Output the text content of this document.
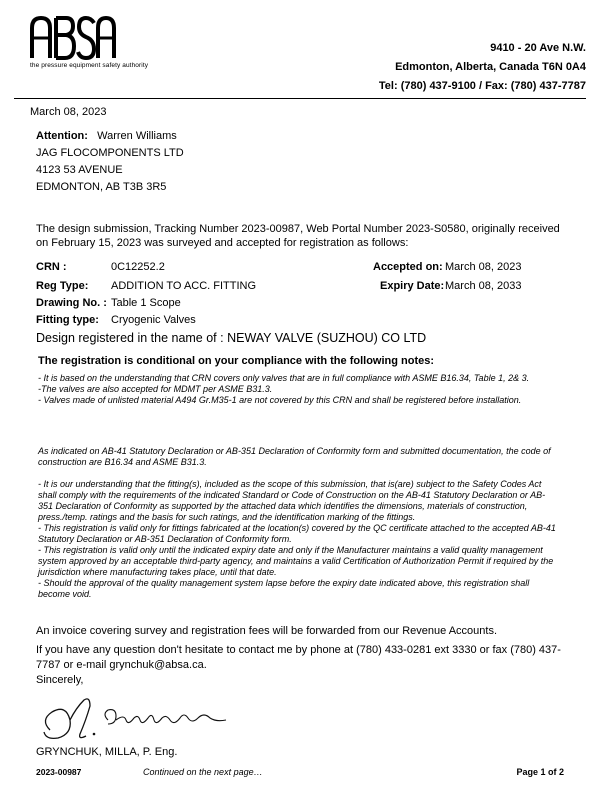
the pressure equipment safety authority
9410 - 20 Ave N.W.
Edmonton, Alberta, Canada T6N 0A4
Tel: (780) 437-9100 / Fax: (780) 437-7787
March 08, 2023
Attention: Warren Williams
JAG FLOCOMPONENTS LTD
4123 53 AVENUE
EDMONTON, AB T3B 3R5
The design submission, Tracking Number 2023-00987, Web Portal Number 2023-S0580, originally received on February 15, 2023 was surveyed and accepted for registration as follows:
CRN :	0C12252.2
Reg Type: ADDITION TO ACC. FITTING
Drawing No. : Table 1 Scope
Fitting type: Cryogenic Valves
Accepted on: March 08, 2023
Expiry Date: March 08, 2033
Design registered in the name of : NEWAY VALVE (SUZHOU) CO LTD
The registration is conditional on your compliance with the following notes:

- It is based on the understanding that CRN covers only valves that are in full compliance with ASME B16.34, Table 1, 2& 3.

-The valves are also accepted for MDMT per ASME B31.3.

- Valves made of unlisted material A494 Gr.M35-1 are not covered by this CRN and shall be registered before installation.

As indicated on AB-41 Statutory Declaration or AB-351 Declaration of Conformity form and submitted documentation, the code of construction are B16.34 and ASME B31.3.

- It is our understanding that the fitting(s), included as the scope of this submission, that is(are) subject to the Safety Codes Act shall comply with the requirements of the indicated Standard or Code of Construction on the AB-41 Statutory Declaration or AB-351 Declaration of Conformity as supported by the attached data which identifies the dimensions, materials of construction, press./temp. ratings and the basis for such ratings, and the identification marking of the fittings.

- This registration is valid only for fittings fabricated at the location(s) covered by the QC certificate attached to the accepted AB-41 Statutory Declaration or AB-351 Declaration of Conformity form.

- This registration is valid only until the indicated expiry date and only if the Manufacturer maintains a valid quality management system approved by an acceptable third-party agency, and maintains a valid Certification of Authorization Permit if required by the jurisdiction where manufacturing takes place, until that date.

- Should the approval of the quality management system lapse before the expiry date indicated above, this registration shall become void.

An invoice covering survey and registration fees will be forwarded from our Revenue Accounts.
If you have any question don't hesitate to contact me by phone at (780) 433-0281 ext 3330 or fax (780) 437-7787 or e-mail grynchuk@absa.ca.
Sincerely,
GRYNCHUK, MILLA, P. Eng.
2023-00987	Continued on the next page…	Page 1 of 2
